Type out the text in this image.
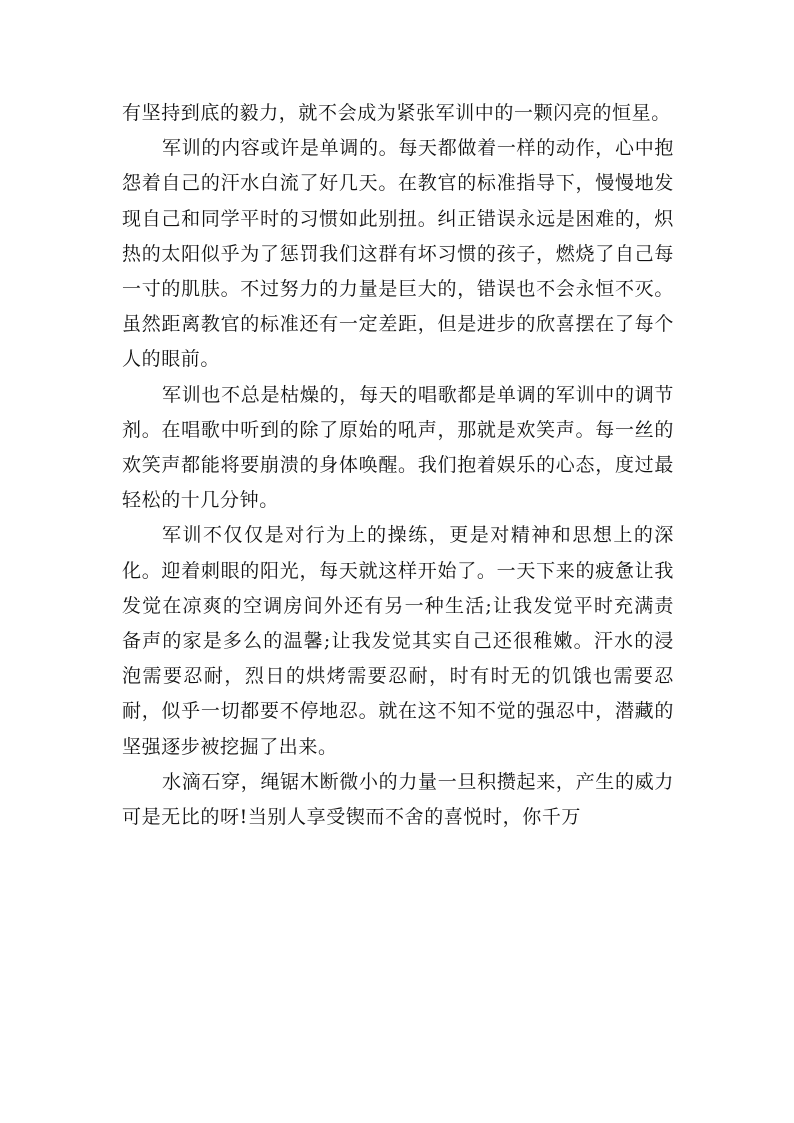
有坚持到底的毅力，就不会成为紧张军训中的一颗闪亮的恒星。

军训的内容或许是单调的。每天都做着一样的动作，心中抱怨着自己的汗水白流了好几天。在教官的标准指导下，慢慢地发现自己和同学平时的习惯如此别扭。纠正错误永远是困难的，炽热的太阳似乎为了惩罚我们这群有坏习惯的孩子，燃烧了自己每一寸的肌肤。不过努力的力量是巨大的，错误也不会永恒不灭。虽然距离教官的标准还有一定差距，但是进步的欣喜摆在了每个人的眼前。

军训也不总是枯燥的，每天的唱歌都是单调的军训中的调节剂。在唱歌中听到的除了原始的吼声，那就是欢笑声。每一丝的欢笑声都能将要崩溃的身体唤醒。我们抱着娱乐的心态，度过最轻松的十几分钟。

军训不仅仅是对行为上的操练，更是对精神和思想上的深化。迎着刺眼的阳光，每天就这样开始了。一天下来的疲惫让我发觉在凉爽的空调房间外还有另一种生活;让我发觉平时充满责备声的家是多么的温馨;让我发觉其实自己还很稚嫩。汗水的浸泡需要忍耐，烈日的烘烤需要忍耐，时有时无的饥饿也需要忍耐，似乎一切都要不停地忍。就在这不知不觉的强忍中，潜藏的坚强逐步被挖掘了出来。

水滴石穿，绳锯木断微小的力量一旦积攒起来，产生的威力可是无比的呀!当别人享受锲而不舍的喜悦时，你千万
